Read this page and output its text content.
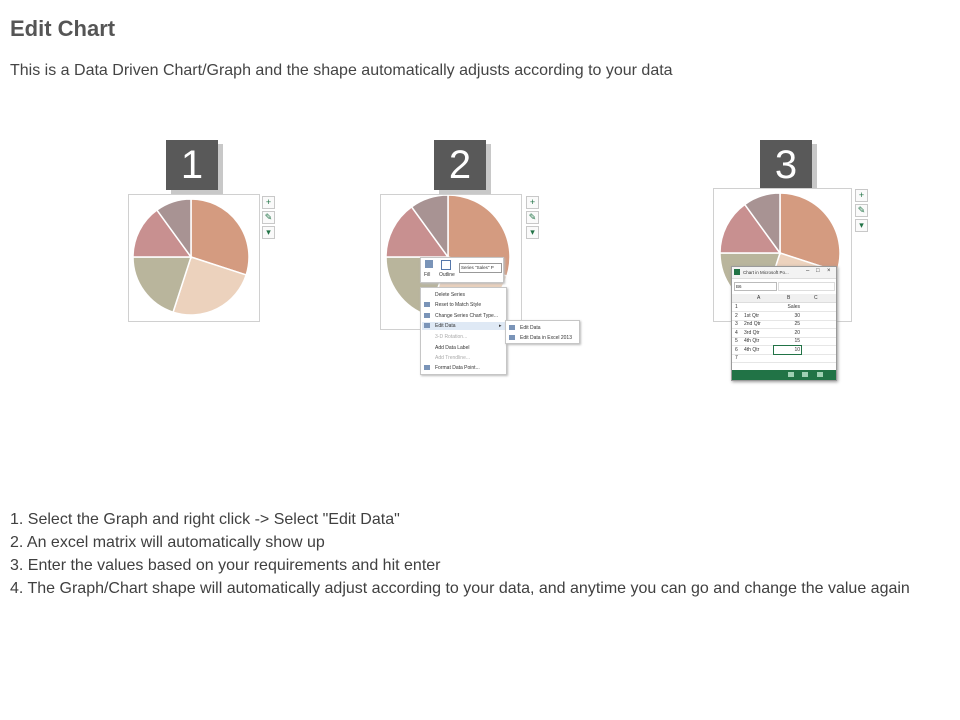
Edit Chart
This is a Data Driven Chart/Graph and the shape automatically adjusts according to your data
1
+
✎
▾
2
+
✎
▾
Fill Outline
Series "Sales" P
Delete Series
Reset to Match Style
Change Series Chart Type...
Edit Data	▸
3-D Rotation...
Add Data Label
Add Trendline...
Format Data Point...
Edit Data
Edit Data in Excel 2013
3
+
✎
▾
Chart in Microsoft Po...	– □ ×
B6
A	B	C
1	Sales
2 1st Qtr	30
3 2nd Qtr	25
4 3rd Qtr	20
5 4th Qtr	15
6 4th Qtr	10
7
1. Select the Graph and right click -> Select "Edit Data"
2. An excel matrix will automatically show up
3. Enter the values based on your requirements and hit enter
4. The Graph/Chart shape will automatically adjust according to your data, and anytime you can go and change the value again
